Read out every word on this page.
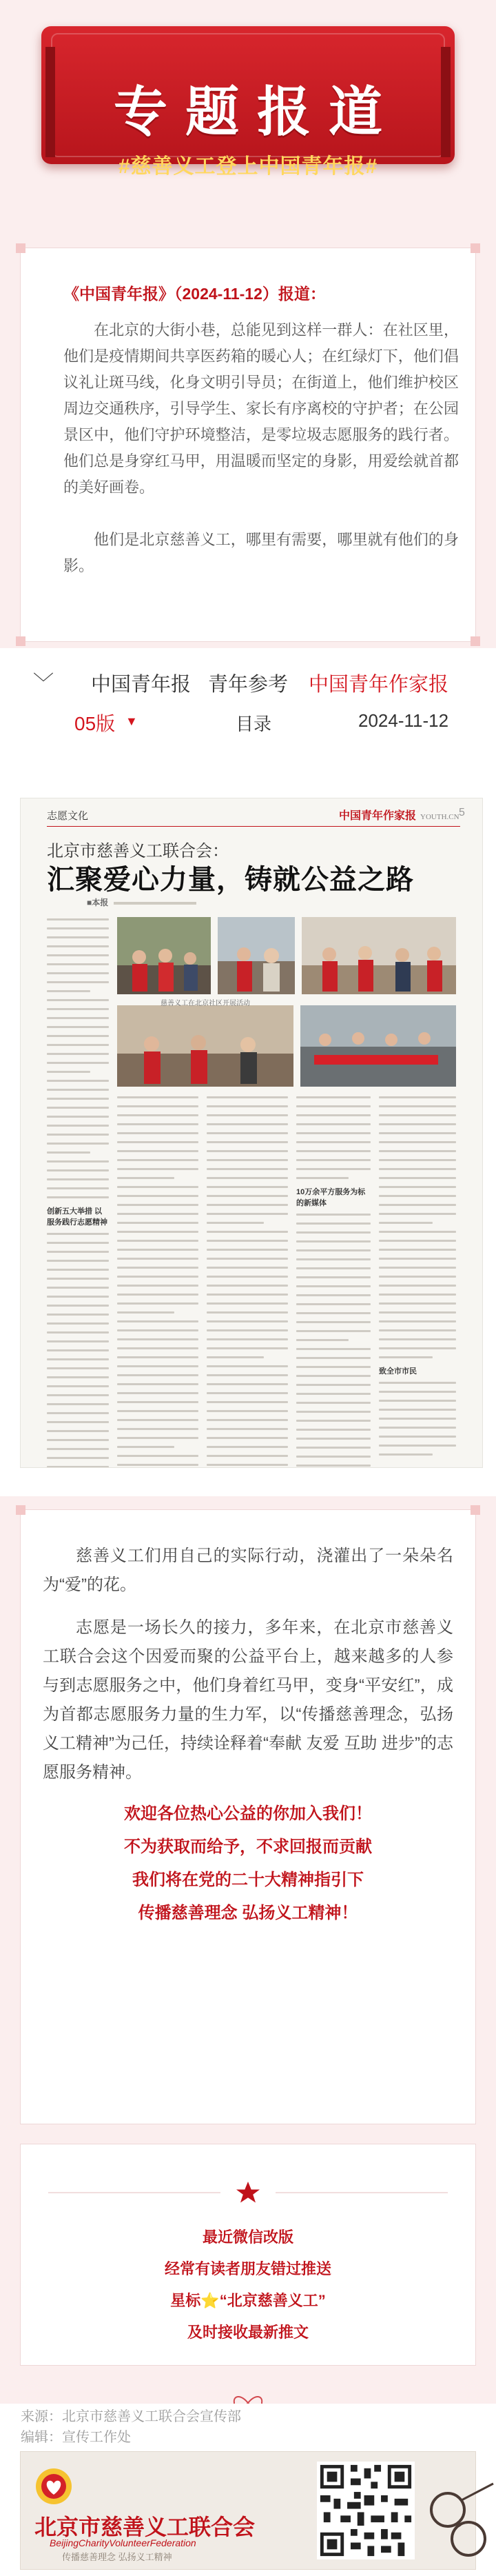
专题报道
#慈善义工登上中国青年报#
《中国青年报》（2024-11-12）报道：

在北京的大街小巷，总能见到这样一群人：在社区里，他们是疫情期间共享医药箱的暖心人；在红绿灯下，他们倡议礼让斑马线，化身文明引导员；在街道上，他们维护校区周边交通秩序，引导学生、家长有序离校的守护者；在公园景区中，他们守护环境整洁，是零垃圾志愿服务的践行者。他们总是身穿红马甲，用温暖而坚定的身影，用爱绘就首都的美好画卷。

他们是北京慈善义工，哪里有需要，哪里就有他们的身影。

﹀ 中国青年报 青年参考 中国青年作家报
05版 ▼	目录	2024-11-12
志愿文化	中国青年作家报 YOUTH.CN 5
北京市慈善义工联合会：
汇聚爱心力量，铸就公益之路
■本报
创新五大举措 以服务践行志愿精神
慈善义工在北京社区开展活动
10万余平方服务为标的新媒体
致全市市民

慈善义工们用自己的实际行动，浇灌出了一朵朵名为“爱”的花。

志愿是一场长久的接力，多年来，在北京市慈善义工联合会这个因爱而聚的公益平台上，越来越多的人参与到志愿服务之中，他们身着红马甲，变身“平安红”，成为首都志愿服务力量的生力军，以“传播慈善理念，弘扬义工精神”为己任，持续诠释着“奉献 友爱 互助 进步”的志愿服务精神。

欢迎各位热心公益的你加入我们！
不为获取而给予，不求回报而贡献
我们将在党的二十大精神指引下
传播慈善理念 弘扬义工精神！
最近微信改版
经常有读者朋友错过推送
星标⭐“北京慈善义工”
及时接收最新推文
来源：北京市慈善义工联合会宣传部
编辑：宣传工作处
北京市慈善义工联合会
BeijingCharityVolunteerFederation
传播慈善理念 弘扬义工精神
